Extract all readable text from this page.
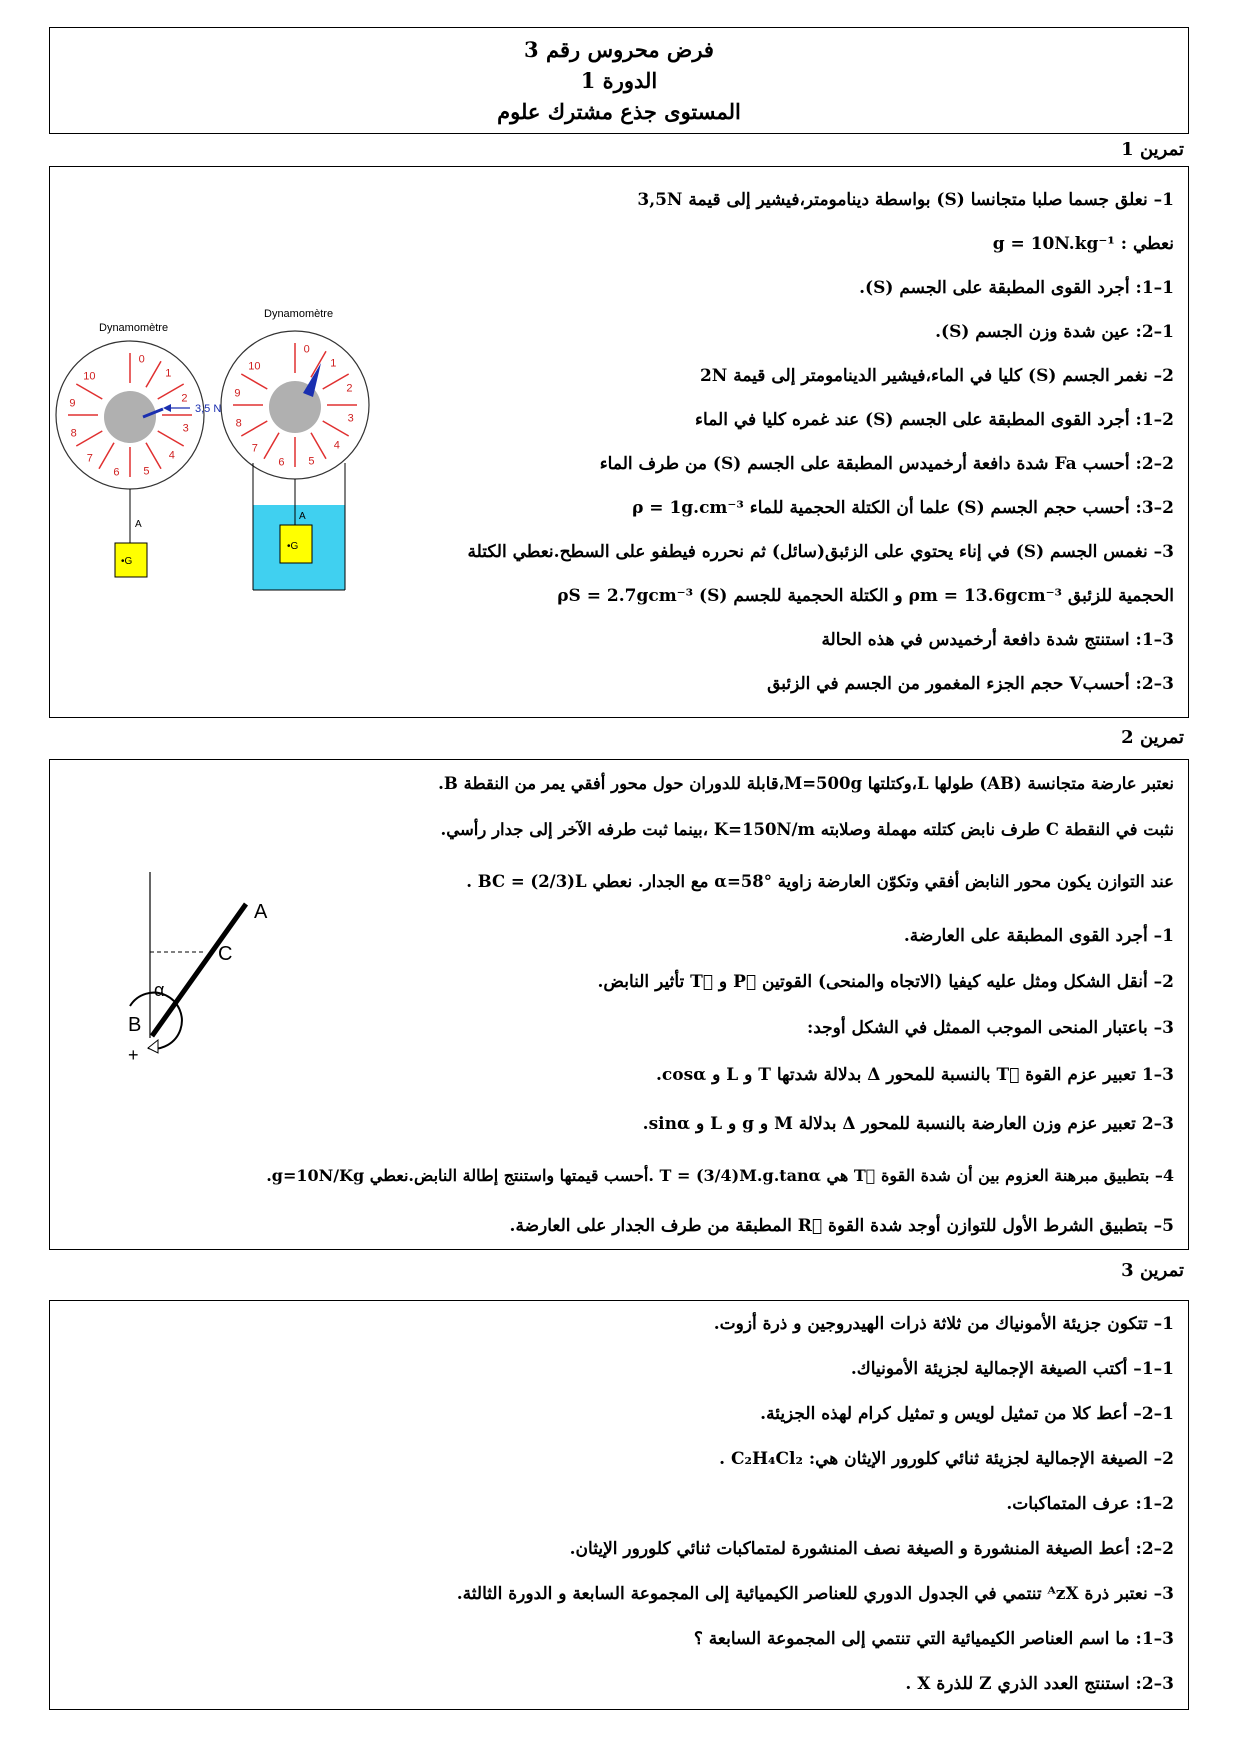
فرض محروس رقم 3
الدورة 1
المستوى جذع مشترك علوم
تمرين 1
1– نعلق جسما صلبا متجانسا (S) بواسطة دينامومتر،فيشير إلى قيمة 3,5N
نعطي : g = 10N.kg⁻¹
1–1: أجرد القوى المطبقة على الجسم (S).
1–2: عين شدة وزن الجسم (S).
2– نغمر الجسم (S) كليا في الماء،فيشير الدينامومتر إلى قيمة 2N
2–1: أجرد القوى المطبقة على الجسم (S) عند غمره كليا في الماء
2–2: أحسب Fa شدة دافعة أرخميدس المطبقة على الجسم (S) من طرف الماء
2–3: أحسب حجم الجسم (S) علما أن الكتلة الحجمية للماء ρ = 1g.cm⁻³
3– نغمس الجسم (S) في إناء يحتوي على الزئبق(سائل) ثم نحرره فيطفو على السطح.نعطي الكتلة
الحجمية للزئبق ρm = 13.6gcm⁻³ و الكتلة الحجمية للجسم (S) ρS = 2.7gcm⁻³
3–1: استنتج شدة دافعة أرخميدس في هذه الحالة
3–2: أحسبV حجم الجزء المغمور من الجسم في الزئبق
Dynamomètre
3,5 N
A
•G
Dynamomètre
A
•G
0
1
2
3
4
5
6
7
8
9
10
0
1
2
3
4
5
6
7
8
9
10
تمرين 2
نعتبر عارضة متجانسة (AB) طولها L،وكتلتها M=500g،قابلة للدوران حول محور أفقي يمر من النقطة B.
نثبت في النقطة C طرف نابض كتلته مهملة وصلابته K=150N/m ،بينما ثبت طرفه الآخر إلى جدار رأسي.
عند التوازن يكون محور النابض أفقي وتكوّن العارضة زاوية α=58° مع الجدار. نعطي BC = (2/3)L .
1– أجرد القوى المطبقة على العارضة.
2– أنقل الشكل ومثل عليه كيفيا (الاتجاه والمنحى) القوتين P⃗ و T⃗ تأثير النابض.
3– باعتبار المنحى الموجب الممثل في الشكل أوجد:
3–1 تعبير عزم القوة T⃗ بالنسبة للمحور Δ بدلالة شدتها T و L و cosα.
3–2 تعبير عزم وزن العارضة بالنسبة للمحور Δ بدلالة M و g و L و sinα.
4– بتطبيق مبرهنة العزوم بين أن شدة القوة T⃗ هي T = (3/4)M.g.tanα .أحسب قيمتها واستنتج إطالة النابض.نعطي g=10N/Kg.
5– بتطبيق الشرط الأول للتوازن أوجد شدة القوة R⃗ المطبقة من طرف الجدار على العارضة.
A
C
α
B
+
تمرين 3
1– تتكون جزيئة الأمونياك من ثلاثة ذرات الهيدروجين و ذرة أزوت.
1–1– أكتب الصيغة الإجمالية لجزيئة الأمونياك.
1–2– أعط كلا من تمثيل لويس و تمثيل كرام لهذه الجزيئة.
2– الصيغة الإجمالية لجزيئة ثنائي كلورور الإيثان هي: C₂H₄Cl₂ .
2–1: عرف المتماكبات.
2–2: أعط الصيغة المنشورة و الصيغة نصف المنشورة لمتماكبات ثنائي كلورور الإيثان.
3– نعتبر ذرة ᴬzX تنتمي في الجدول الدوري للعناصر الكيميائية إلى المجموعة السابعة و الدورة الثالثة.
3–1: ما اسم العناصر الكيميائية التي تنتمي إلى المجموعة السابعة ؟
3–2: استنتج العدد الذري Z للذرة X .
